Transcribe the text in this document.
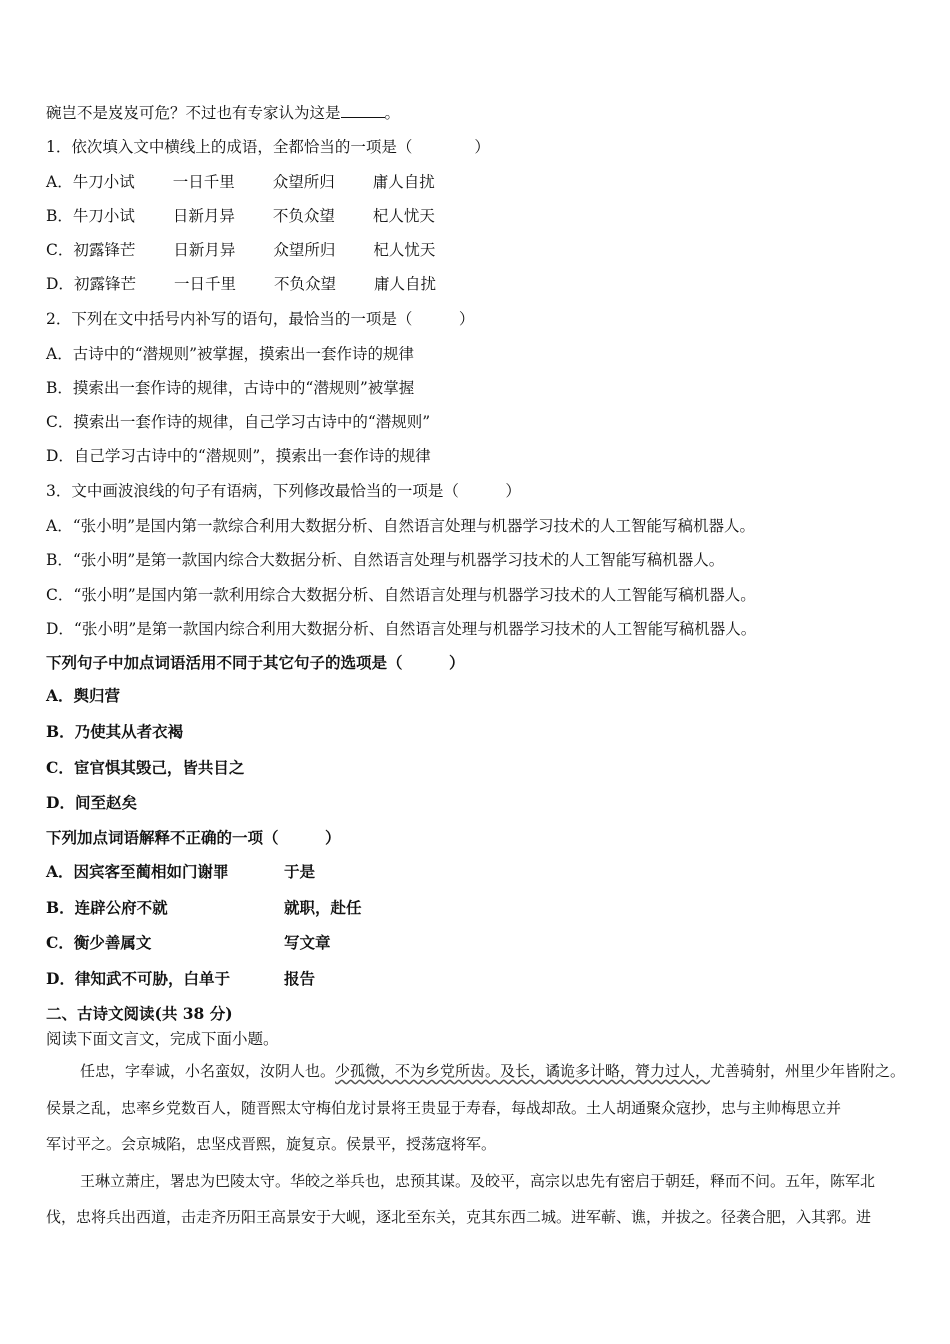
碗岂不是岌岌可危？不过也有专家认为这是	。
1．依次填入文中横线上的成语，全都恰当的一项是（　　　　）
A．牛刀小试 一日千里 众望所归 庸人自扰
B．牛刀小试 日新月异 不负众望 杞人忧天
C．初露锋芒 日新月异 众望所归 杞人忧天
D．初露锋芒 一日千里 不负众望 庸人自扰
2．下列在文中括号内补写的语句，最恰当的一项是（　　　）
A．古诗中的“潜规则”被掌握，摸索出一套作诗的规律
B．摸索出一套作诗的规律，古诗中的“潜规则”被掌握
C．摸索出一套作诗的规律，自己学习古诗中的“潜规则”
D．自己学习古诗中的“潜规则”，摸索出一套作诗的规律
3．文中画波浪线的句子有语病，下列修改最恰当的一项是（　　　）
A．“张小明”是国内第一款综合利用大数据分析、自然语言处理与机器学习技术的人工智能写稿机器人。
B．“张小明”是第一款国内综合大数据分析、自然语言处理与机器学习技术的人工智能写稿机器人。
C．“张小明”是国内第一款利用综合大数据分析、自然语言处理与机器学习技术的人工智能写稿机器人。
D．“张小明”是第一款国内综合利用大数据分析、自然语言处理与机器学习技术的人工智能写稿机器人。
下列句子中加点词语活用不同于其它句子的选项是（　　　）
A．舆归营
B．乃使其从者衣褐
C．宦官惧其毁己，皆共目之
D．间至赵矣
下列加点词语解释不正确的一项（　　　）
A．因宾客至蔺相如门谢罪	于是
B．连辟公府不就	就职，赴任
C．衡少善属文	写文章
D．律知武不可胁，白单于	报告
二、古诗文阅读(共 38 分)
阅读下面文言文，完成下面小题。
任忠，字奉诚，小名蛮奴，汝阴人也。少孤微，不为乡党所齿。及长，谲诡多计略，膂力过人，尤善骑射，州里少年皆附之。
侯景之乱，忠率乡党数百人，随晋熙太守梅伯龙讨景将王贵显于寿春，每战却敌。土人胡通聚众寇抄，忠与主帅梅思立并
军讨平之。会京城陷，忠坚戍晋熙，旋复京。侯景平，授荡寇将军。
王琳立萧庄，署忠为巴陵太守。华皎之举兵也，忠预其谋。及皎平，高宗以忠先有密启于朝廷，释而不问。五年，陈军北
伐，忠将兵出西道，击走齐历阳王高景安于大岘，逐北至东关，克其东西二城。进军蕲、谯，并拔之。径袭合肥，入其郛。进
